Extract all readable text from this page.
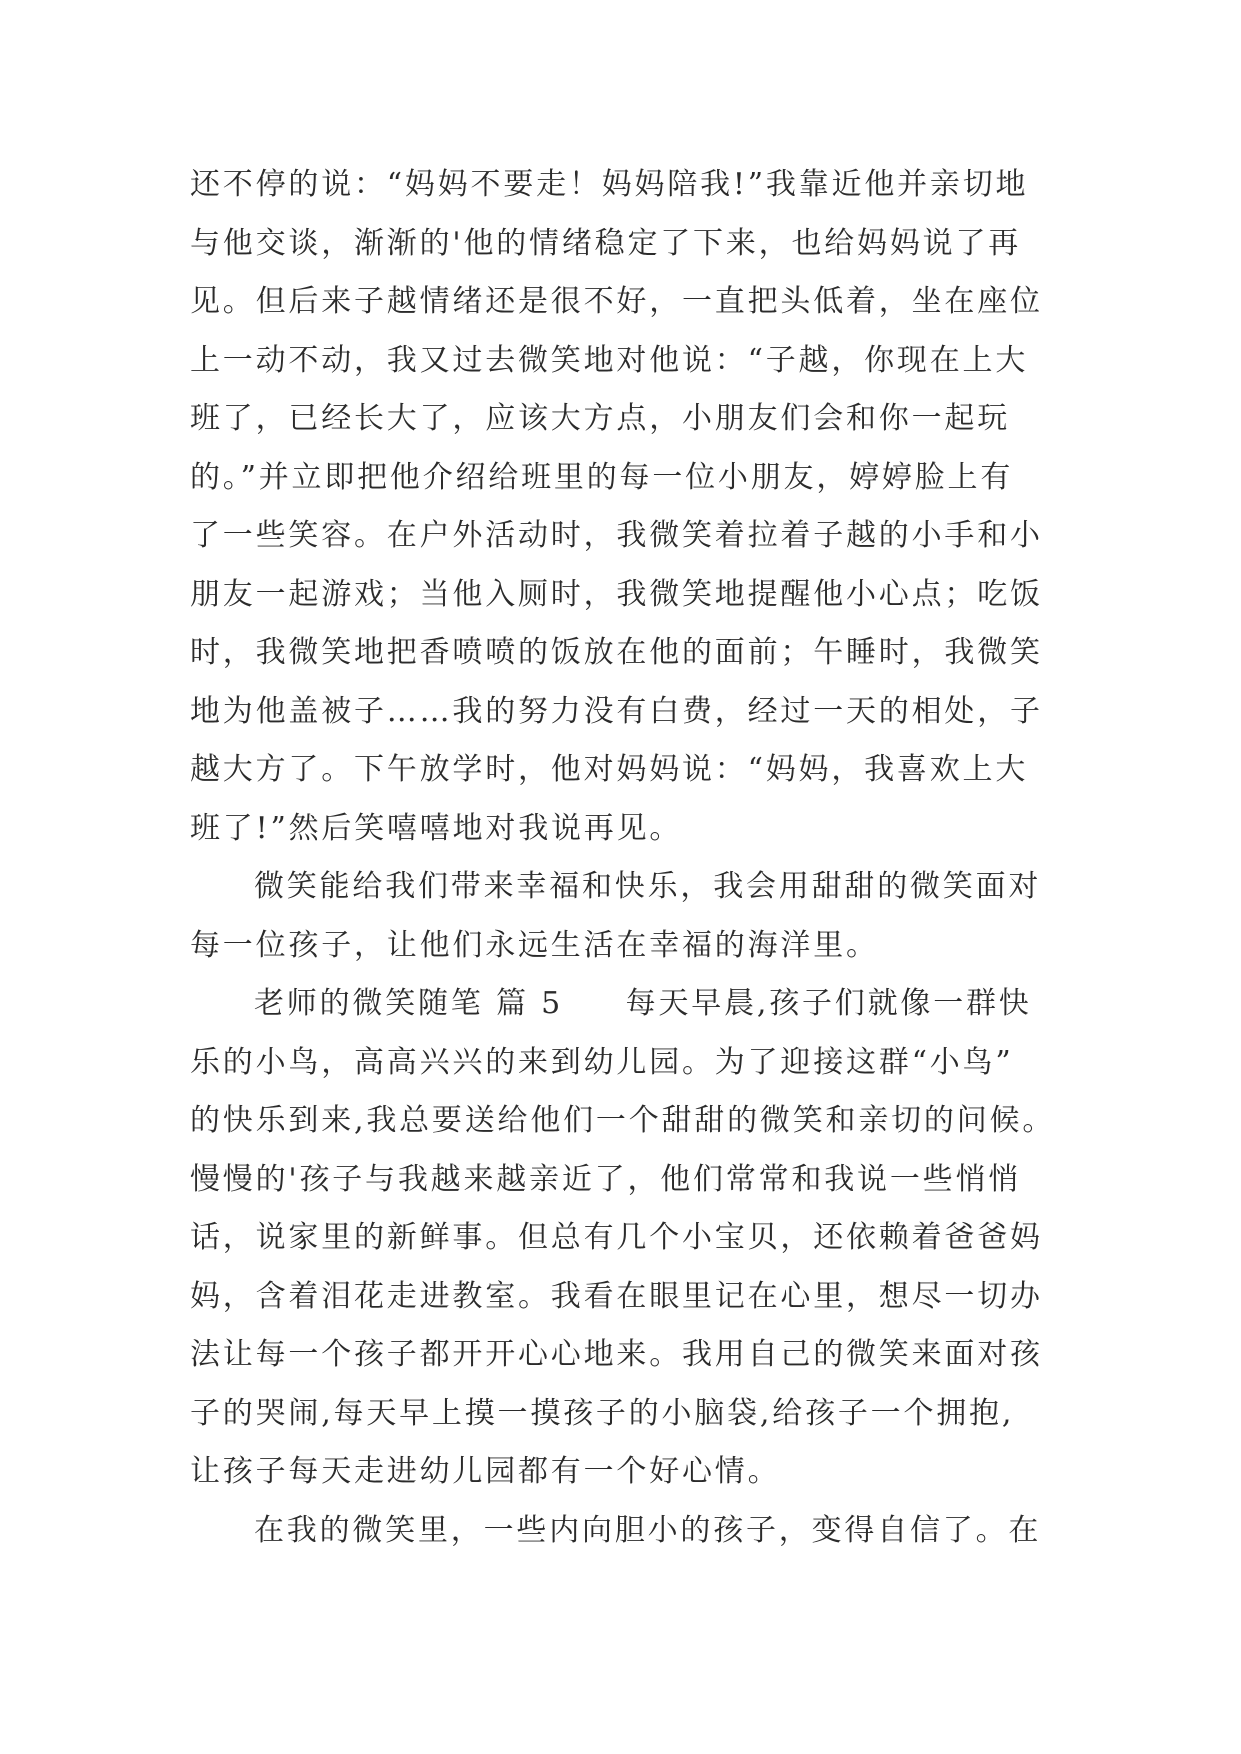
还不停的说：“妈妈不要走！妈妈陪我!”我靠近他并亲切地
与他交谈，渐渐的'他的情绪稳定了下来，也给妈妈说了再
见。但后来子越情绪还是很不好，一直把头低着，坐在座位
上一动不动，我又过去微笑地对他说：“子越，你现在上大
班了，已经长大了，应该大方点，小朋友们会和你一起玩
的。”并立即把他介绍给班里的每一位小朋友，婷婷脸上有
了一些笑容。在户外活动时，我微笑着拉着子越的小手和小
朋友一起游戏；当他入厕时，我微笑地提醒他小心点；吃饭
时，我微笑地把香喷喷的饭放在他的面前；午睡时，我微笑
地为他盖被子……我的努力没有白费，经过一天的相处，子
越大方了。下午放学时，他对妈妈说：“妈妈，我喜欢上大
班了!”然后笑嘻嘻地对我说再见。
微笑能给我们带来幸福和快乐，我会用甜甜的微笑面对
每一位孩子，让他们永远生活在幸福的海洋里。
老师的微笑随笔 篇 5 每天早晨,孩子们就像一群快
乐的小鸟，高高兴兴的来到幼儿园。为了迎接这群“小鸟”
的快乐到来,我总要送给他们一个甜甜的微笑和亲切的问候。
慢慢的'孩子与我越来越亲近了，他们常常和我说一些悄悄
话，说家里的新鲜事。但总有几个小宝贝，还依赖着爸爸妈
妈，含着泪花走进教室。我看在眼里记在心里，想尽一切办
法让每一个孩子都开开心心地来。我用自己的微笑来面对孩
子的哭闹,每天早上摸一摸孩子的小脑袋,给孩子一个拥抱,
让孩子每天走进幼儿园都有一个好心情。
在我的微笑里，一些内向胆小的孩子，变得自信了。在
